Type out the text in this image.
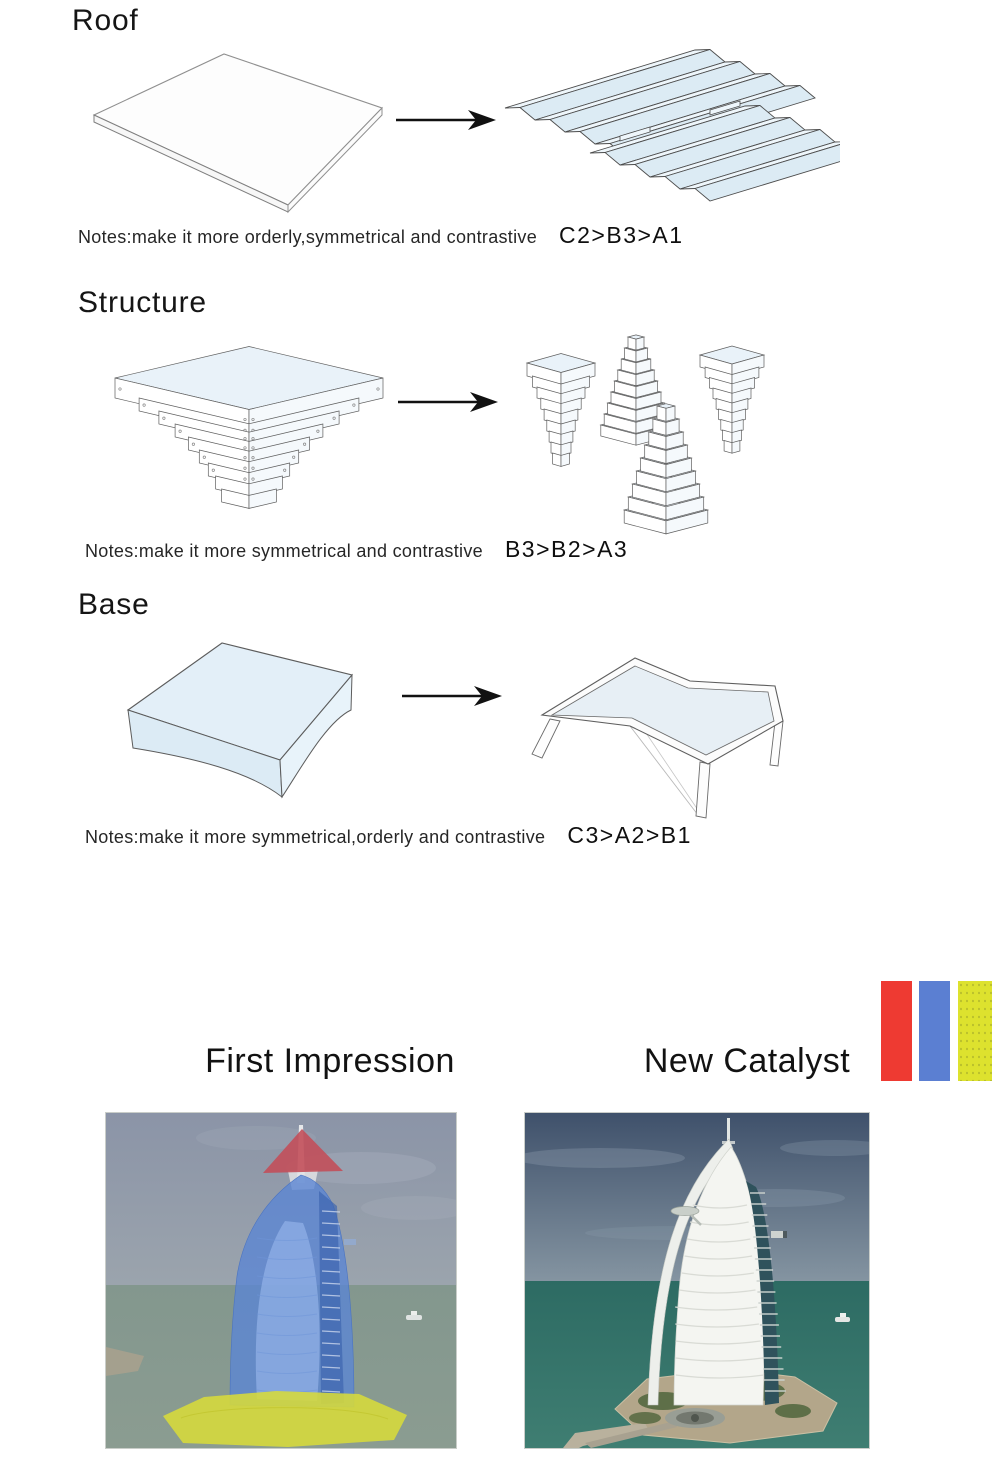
Roof
Notes:make it more orderly,symmetrical and contrastive C2>B3>A1
Structure
Notes:make it more symmetrical and contrastive B3>B2>A3
Base
Notes:make it more symmetrical,orderly and contrastive C3>A2>B1
First Impression	New Catalyst
